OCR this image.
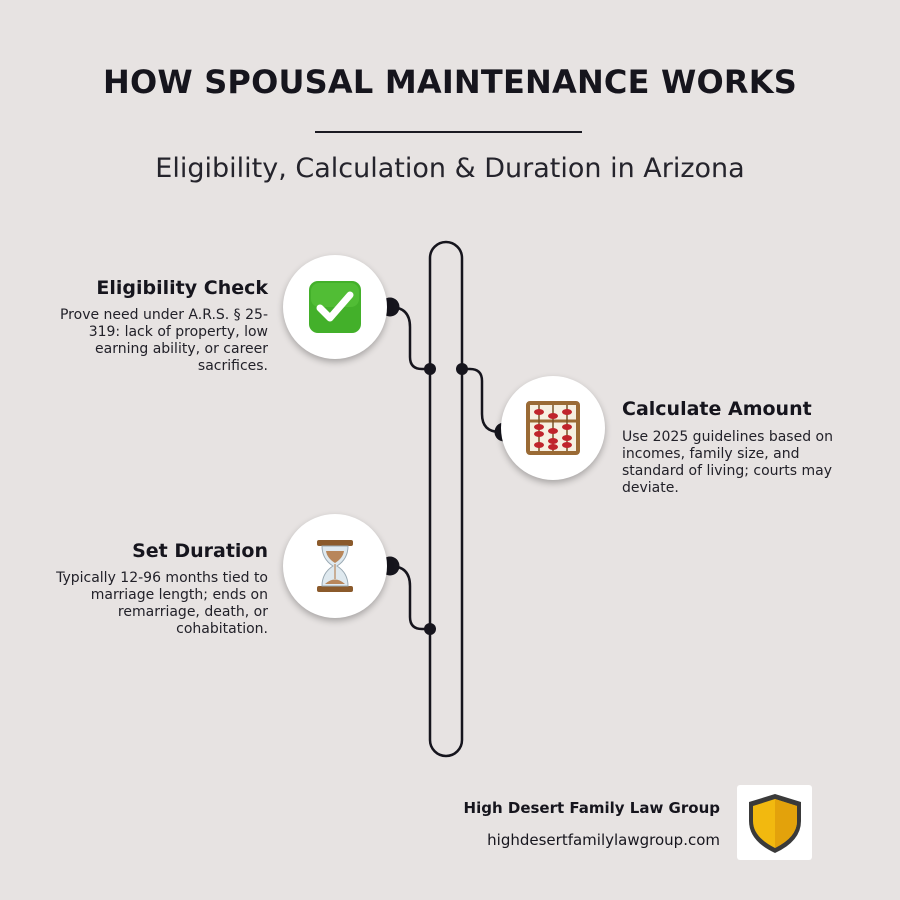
HOW SPOUSAL MAINTENANCE WORKS
Eligibility, Calculation & Duration in Arizona
Eligibility Check
Prove need under A.R.S. § 25-319: lack of property, low earning ability, or career sacrifices.
Calculate Amount
Use 2025 guidelines based on incomes, family size, and standard of living; courts may deviate.
Set Duration
Typically 12-96 months tied to marriage length; ends on remarriage, death, or cohabitation.
High Desert Family Law Group
highdesertfamilylawgroup.com
